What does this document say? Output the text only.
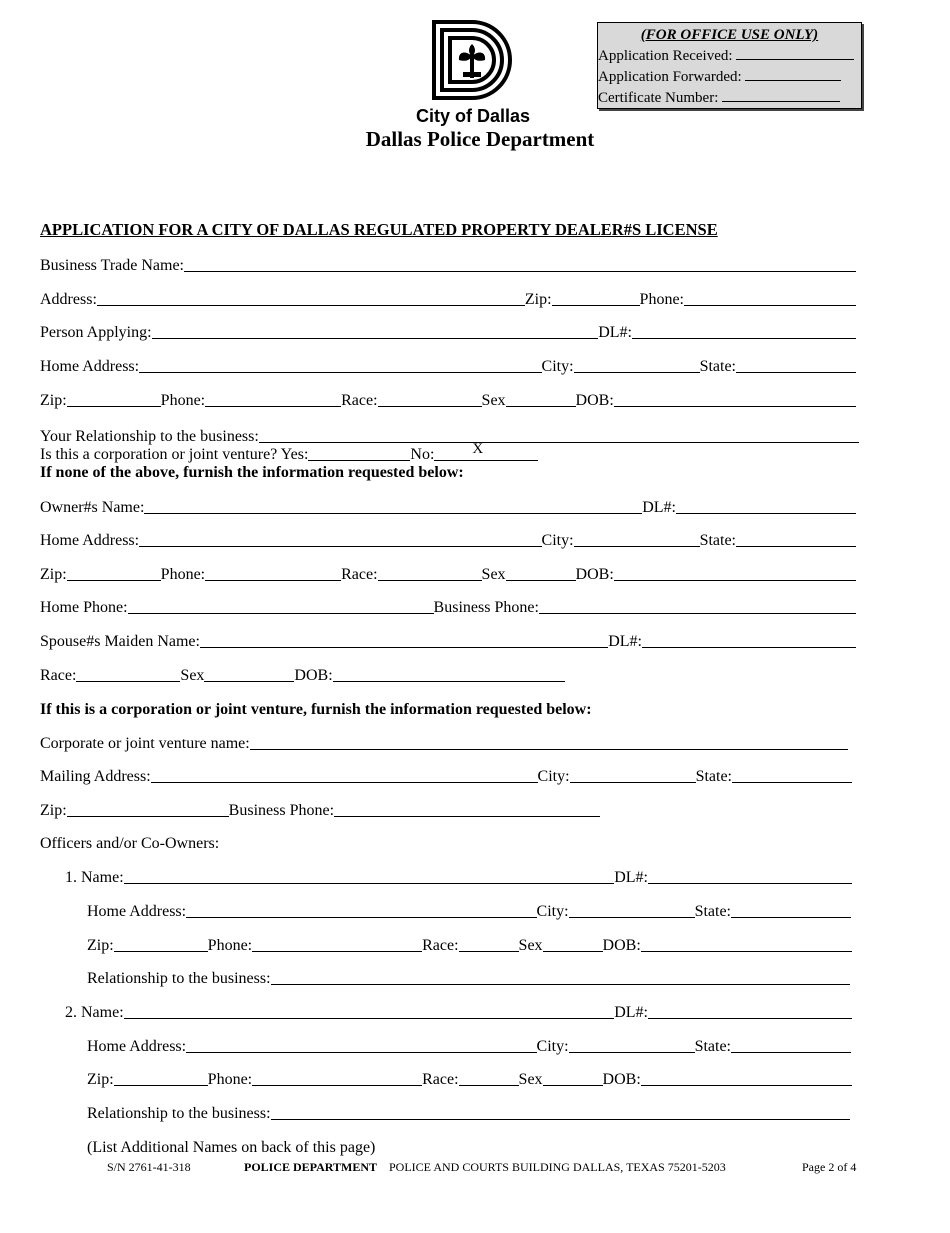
City of Dallas
Dallas Police Department
(FOR OFFICE USE ONLY)
Application Received:
Application Forwarded:
Certificate Number:
APPLICATION FOR A CITY OF DALLAS REGULATED PROPERTY DEALER#S LICENSE
Business Trade Name:
Address:	Zip:	Phone:
Person Applying:	DL#:
Home Address:	City:	State:
Zip:	Phone:	Race:	Sex	DOB:
Your Relationship to the business:
Is this a corporation or joint venture? Yes:	No:	X
If none of the above, furnish the information requested below:
Owner#s Name:	DL#:
Home Address:	City:	State:
Zip:	Phone:	Race:	Sex	DOB:
Home Phone:	Business Phone:
Spouse#s Maiden Name:	DL#:
Race:	Sex	DOB:
If this is a corporation or joint venture, furnish the information requested below:
Corporate or joint venture name:
Mailing Address:	City:	State:
Zip:	Business Phone:
Officers and/or Co-Owners:
1. Name:	DL#:
Home Address:	City:	State:
Zip:	Phone:	Race:	Sex	DOB:
Relationship to the business:
2. Name:	DL#:
Home Address:	City:	State:
Zip:	Phone:	Race:	Sex	DOB:
Relationship to the business:
(List Additional Names on back of this page)
S/N 2761-41-318	POLICE DEPARTMENT POLICE AND COURTS BUILDING DALLAS, TEXAS 75201-5203	Page 2 of 4
